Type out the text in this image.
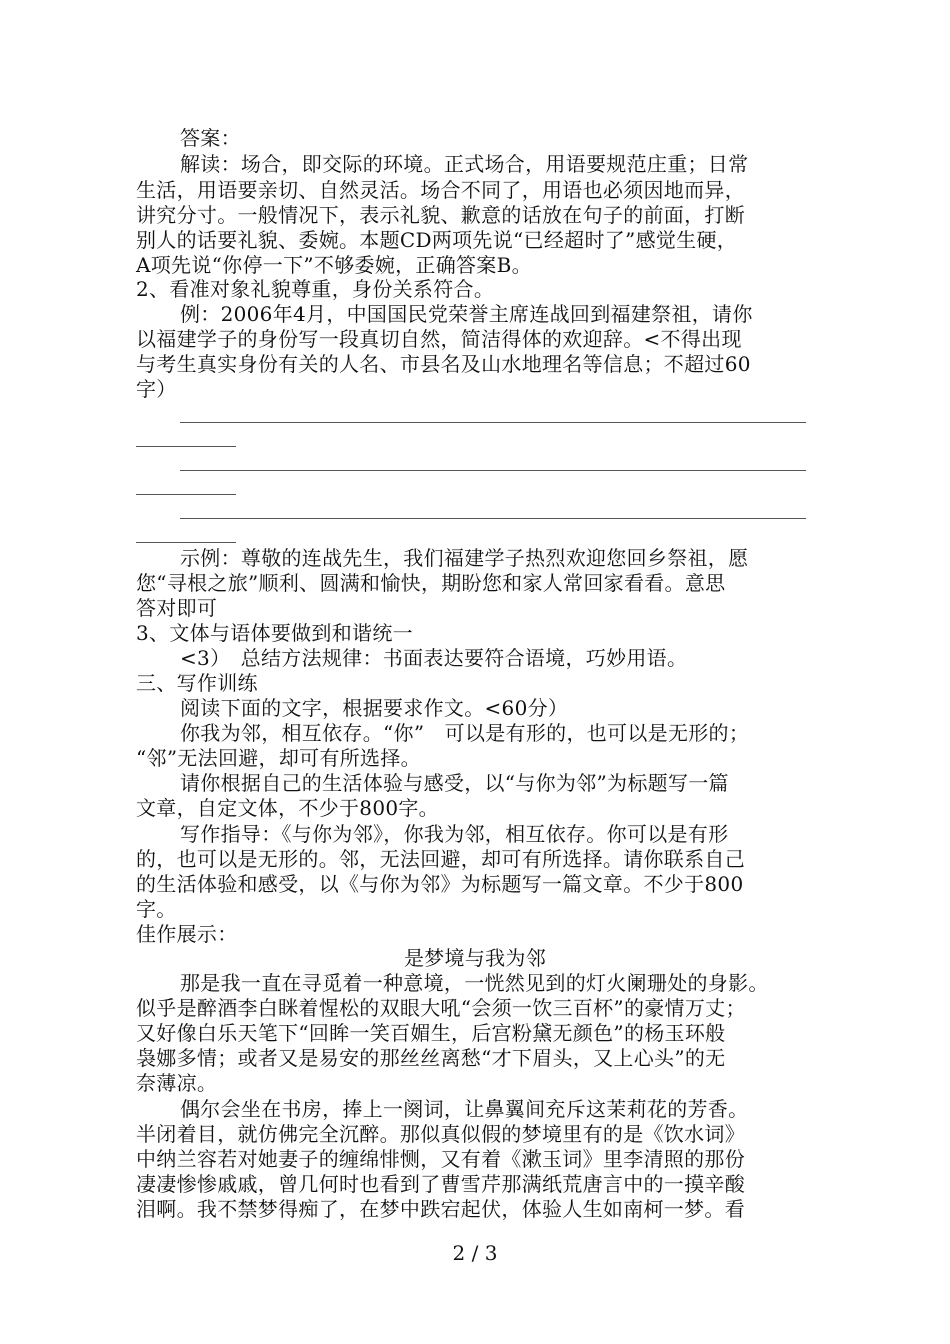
答案：
解读：场合，即交际的环境。正式场合，用语要规范庄重；日常
生活，用语要亲切、自然灵活。场合不同了，用语也必须因地而异，
讲究分寸。一般情况下，表示礼貌、歉意的话放在句子的前面，打断
别人的话要礼貌、委婉。本题CD两项先说“已经超时了”感觉生硬，
A项先说“你停一下”不够委婉，正确答案B。
2、看准对象礼貌尊重，身份关系符合。
例：2006年4月，中国国民党荣誉主席连战回到福建祭祖，请你
以福建学子的身份写一段真切自然，简洁得体的欢迎辞。<不得出现
与考生真实身份有关的人名、市县名及山水地理名等信息；不超过60
字）
示例：尊敬的连战先生，我们福建学子热烈欢迎您回乡祭祖，愿
您“寻根之旅”顺利、圆满和愉快，期盼您和家人常回家看看。意思
答对即可
3、文体与语体要做到和谐统一
<3）　总结方法规律：书面表达要符合语境，巧妙用语。
三、写作训练
阅读下面的文字，根据要求作文。<60分）
你我为邻，相互依存。“你”　可以是有形的，也可以是无形的；
“邻”无法回避，却可有所选择。
请你根据自己的生活体验与感受，以“与你为邻”为标题写一篇
文章，自定文体，不少于800字。
写作指导：《与你为邻》，你我为邻，相互依存。你可以是有形
的，也可以是无形的。邻，无法回避，却可有所选择。请你联系自己
的生活体验和感受，以《与你为邻》为标题写一篇文章。不少于800
字。
佳作展示：
是梦境与我为邻
那是我一直在寻觅着一种意境，一恍然见到的灯火阑珊处的身影。
似乎是醉酒李白眯着惺松的双眼大吼“会须一饮三百杯”的豪情万丈；
又好像白乐天笔下“回眸一笑百媚生，后宫粉黛无颜色”的杨玉环般
袅娜多情；或者又是易安的那丝丝离愁“才下眉头，又上心头”的无
奈薄凉。
偶尔会坐在书房，捧上一阕词，让鼻翼间充斥这茉莉花的芳香。
半闭着目，就仿佛完全沉醉。那似真似假的梦境里有的是《饮水词》
中纳兰容若对她妻子的缠绵悱恻，又有着《漱玉词》里李清照的那份
凄凄惨惨戚戚，曾几何时也看到了曹雪芹那满纸荒唐言中的一摸辛酸
泪啊。我不禁梦得痴了，在梦中跌宕起伏，体验人生如南柯一梦。看
2 / 3
